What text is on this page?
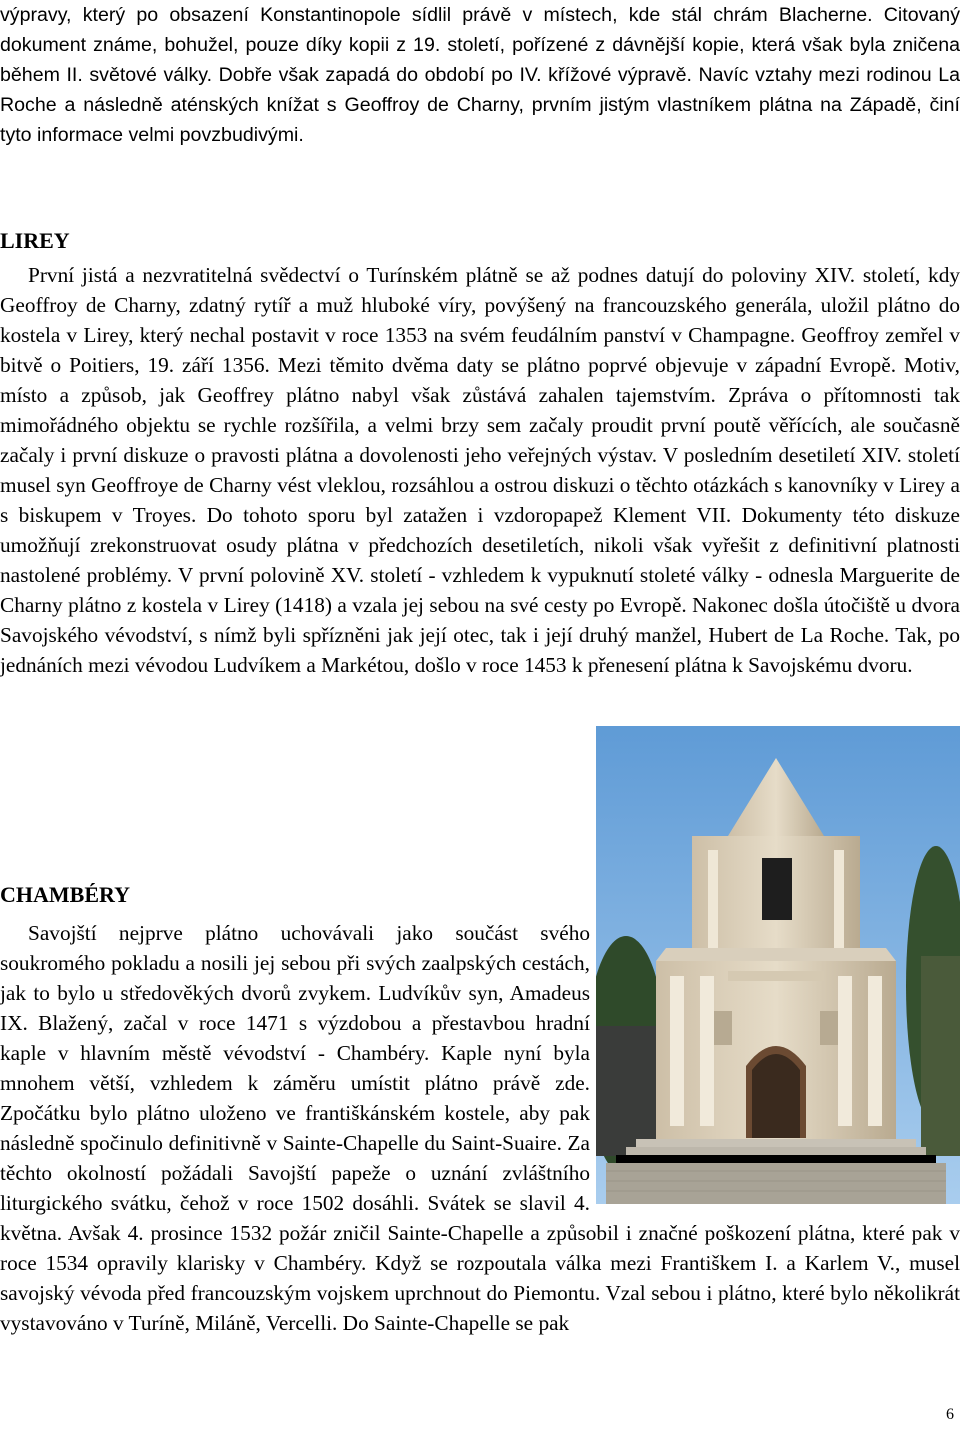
výpravy, který po obsazení Konstantinopole sídlil právě v místech, kde stál chrám Blacherne. Citovaný dokument známe, bohužel, pouze díky kopii z 19. století, pořízené z dávnější kopie, která však byla zničena během II. světové války. Dobře však zapadá do období po IV. křížové výpravě. Navíc vztahy mezi rodinou La Roche a následně aténských knížat s Geoffroy de Charny, prvním jistým vlastníkem plátna na Západě, činí tyto informace velmi povzbudivými.

LIREY

První jistá a nezvratitelná svědectví o Turínském plátně se až podnes datují do poloviny XIV. století, kdy Geoffroy de Charny, zdatný rytíř a muž hluboké víry, povýšený na francouzského generála, uložil plátno do kostela v Lirey, který nechal postavit v roce 1353 na svém feudálním panství v Champagne. Geoffroy zemřel v bitvě o Poitiers, 19. září 1356. Mezi těmito dvěma daty se plátno poprvé objevuje v západní Evropě. Motiv, místo a způsob, jak Geoffrey plátno nabyl však zůstává zahalen tajemstvím. Zpráva o přítomnosti tak mimořádného objektu se rychle rozšířila, a velmi brzy sem začaly proudit první poutě věřících, ale současně začaly i první diskuze o pravosti plátna a dovolenosti jeho veřejných výstav. V posledním desetiletí XIV. století musel syn Geoffroye de Charny vést vleklou, rozsáhlou a ostrou diskuzi o těchto otázkách s kanovníky v Lirey a s biskupem v Troyes. Do tohoto sporu byl zatažen i vzdoropapež Klement VII. Dokumenty této diskuze umožňují zrekonstruovat osudy plátna v předchozích desetiletích, nikoli však vyřešit z definitivní platnosti nastolené problémy. V první polovině XV. století - vzhledem k vypuknutí stoleté války - odnesla Marguerite de Charny plátno z kostela v Lirey (1418) a vzala jej sebou na své cesty po Evropě. Nakonec došla útočiště u dvora Savojského vévodství, s nímž byli spřízněni jak její otec, tak i její druhý manžel, Hubert de La Roche. Tak, po jednáních mezi vévodou Ludvíkem a Markétou, došlo v roce 1453 k přenesení plátna k Savojskému dvoru.

CHAMBÉRY

Savojští nejprve plátno uchovávali jako součást svého soukromého pokladu a nosili jej sebou při svých zaalpských cestách, jak to bylo u středověkých dvorů zvykem. Ludvíkův syn, Amadeus IX. Blažený, začal v roce 1471 s výzdobou a přestavbou hradní kaple v hlavním městě vévodství - Chambéry. Kaple nyní byla mnohem větší, vzhledem k záměru umístit plátno právě zde. Zpočátku bylo plátno uloženo ve františkánském kostele, aby pak následně spočinulo definitivně v Sainte-Chapelle du Saint-Suaire. Za těchto okolností požádali Savojští papeže o uznání zvláštního liturgického svátku, čehož v roce 1502 dosáhli. Svátek se slavil 4. května. Avšak 4. prosince 1532 požár zničil Sainte-Chapelle a způsobil i značné poškození plátna, které pak v roce 1534 opravily klarisky v Chambéry. Když se rozpoutala válka mezi Františkem I. a Karlem V., musel savojský vévoda před francouzským vojskem uprchnout do Piemontu. Vzal sebou i plátno, které bylo několikrát vystavováno v Turíně, Miláně, Vercelli. Do Sainte-Chapelle se pak

6
